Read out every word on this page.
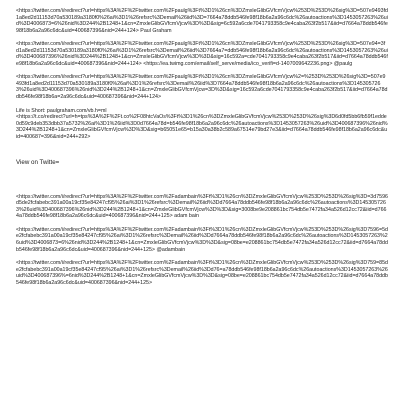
<https://twitter.com/i/redirect?url=https%3A%2F%2Ftwitter.com%2Fpaulg%3Ft%3D1%26cn%3DZmxleGlibGVfcmVjcw%253D%253D%26sig%3D=507e9493fd1a8ed2d11153d70a530189a3180f0%26ai%3D1%26refsrc%3Demail%26iid%3D=7664a78ddb546fe98f18b6a2a96c6dc%26autoactions%3D1453057263%26uid%3D4006873=6%26nid%3D244%2B1248+1&cn=ZmxleGlibGVfcmVjcw%3D%3D&sig=6c592a6cde7041793358c9e4caba263f2b517&iid=d7664a78ddb546fe98f18b6a2a96c6dc&uid=400687396&nid=244+124> Paul Graham

<https://twitter.com/i/redirect?url=https%3A%2F%2Ftwitter.com%2Fpaulg%3Ft%3D1%26cn%3DZmxleGlibGVfcmVjcw%253D%253D%26sig%3D=507e94=3fd1a8ed2d11153d70a530189a3180f0%26ai%3D1%26refsrc%3Demail%26iid%3D7664a7=ddb546fe98f18b6a2a96c6dc%26autoactions%3D1453057263%26uid%3D400687396%26nid%3D244%2B1248+1&cn=ZmxleGlibGVfcmVjcw%3D%3D&sig=16c592a=cde7041793358c9e4caba263f2b517&iid=d7664a78ddb546fe98f18b6a2a96c6dc&uid=400687396&nid=244+124> <https://ea.twimg.com/email/self_serve/media/ico_verifi=d-1407009642236.png> @paulg

<https://twitter.com/i/redirect?url=https%3A%2F%2Ftwitter.com%2Fpaulg%3Ft%3D1%26cn%3DZmxleGlibGVfcmVjcw%2=%253D%253D%26sig%3D=507e9493fd1a8ed2d11153d70a530189a3180f0%26ai%3D1%26refsrc%3Demail%26iid%3D7664a78ddb546fe98f18b6a2a96c6dc%26autoactions%3D1453057263%26uid%3D400687396%26nid%3D244%2B1248+1&cn=ZmxleGlibGVfcmVjcw=3D%3D&sig=16c592a6cde7041793358c9e4caba263f2b517&iid=d7664a78ddb546fe98f18b6a=2a96c6dc&uid=400687396&nid=244+124>

Life is Short: paulgraham.com/vb.h=ml
<https://t.co/redirect?url=h=tps%3A%2F%2Ft.co%2F08htcVaOs%3Ft%3D1%26cn%3DZmxleGlibGVfcmVjcw%253D%253D%26sig%3D6d0fd5bb6fb59f1edde0d59c9deb353dbb37a5732%26ai%3D1%26iid%3D0d7664a78d=b546fe98f18b6a2a96c6dc%26autoactions%3D1453057263%26uid%3D400687396%26nid%3D244%2B1248+1&cn=ZmxleGlibGVfcmVjcw%3D%3D&sig=b65051e65=b15a30a38b2c589a67514e79bd27e3&iid=d7664a78ddb546fe98f18b6a2a96c6dc&uid=400687=396&nid=244+292>

View on Twitte=

<https://twitter.com/i/redirect?url=https%3A%2F%2Ftwitter.com%2Fadambain%3Ft%3D1%26cn%3DZmxleGlibGVfcmVjcw%253D%253D%26sig%3D=3d7596d5de2fcfabebc391a00a19cf35e84247cf95%26ai%3D1%26refsrc%3Demail%26iid%3Dd7664a78ddb546fe98f18b6a2a96c6dc%26autoactions%3D1453057263%26uid%3D400687396%26nid%3D244%2B1248+1&cn=ZmxleGlibGVfcmVjcw%3D%3D&sig=3008be9e208861bc754db5e7472fa34a526d12cc72&iid=d7664a78ddb546fe98f18b6a2a96c6dc&uid=400687396&nid=244+125> adam bain

<https://twitter.com/i/redirect?url=https%3A%2F%2Ftwitter.com%2Fadambain%3Ft%3D1%26cn%3DZmxleGlibGVfcmVjcw%253D%253D%26sig%3D7596=5de2fcfabebc391a00a19cf35e84247cf95%26ai%3D1%26refsrc%3Demail%26iid%3Dd7664a78ddb546fe98f18b6a2a96c6dc%26autoactions%3D1453057263%26uid%3D4006873=6%26nid%3D244%2B1248+1&cn=ZmxleGlibGVfcmVjcw%3D%3D&sig=08be=e208861bc754db5e7472fa34a526d12cc72&iid=d7664a78ddb546fe98f18b6a2a96c6dc&uid=400687396&nid=244+125> @adambain

<https://twitter.com/i/redirect?url=https%3A%2F%2Ftwitter.com%2Fadambain%3Ft%3D1%26cn%3DZmxleGlibGVfcmVjcw%253D%253D%26sig%3D759=85de2fcfabebc391a00a19cf35e84247cf95%26ai%3D1%26refsrc%3Demail%26iid%3Dd76=a78ddb546fe98f18b6a2a96c6dc%26autoactions%3D1453057263%26uid%3D400687396%=6nid%3D244%2B1248+1&cn=ZmxleGlibGVfcmVjcw%3D%3D&sig=08be=e208861bc754db5e7472fa34a526d12cc72&iid=d7664a78ddb546fe98f18b6a2a96c6dc&uid=400687396&nid=244+125>
